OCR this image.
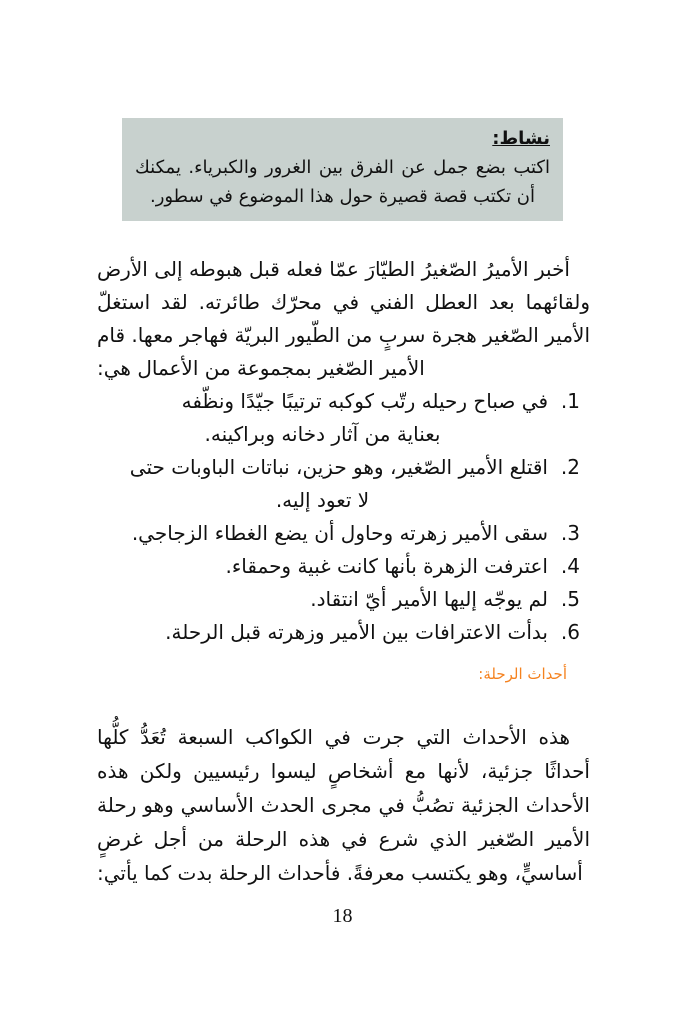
نشاط:
اكتب بضع جمل عن الفرق بين الغرور والكبرياء. يمكنك أن تكتب قصة قصيرة حول هذا الموضوع في سطور.

أخبر الأميرُ الصّغيرُ الطيّارَ عمّا فعله قبل هبوطه إلى الأرض ولقائهما بعد العطل الفني في محرّك طائرته. لقد استغلّ الأمير الصّغير هجرة سربٍ من الطّيور البريّة فهاجر معها. قام الأمير الصّغير بمجموعة من الأعمال هي:

1.
في صباح رحيله رتّب كوكبه ترتيبًا جيّدًا ونظّفه
بعناية من آثار دخانه وبراكينه.
2.
اقتلع الأمير الصّغير، وهو حزين، نباتات الباوبات حتى
لا تعود إليه.
3.
سقى الأمير زهرته وحاول أن يضع الغطاء الزجاجي.
4.
اعترفت الزهرة بأنها كانت غبية وحمقاء.
5.
لم يوجّه إليها الأمير أيّ انتقاد.
6.
بدأت الاعترافات بين الأمير وزهرته قبل الرحلة.
أحداث الرحلة:

هذه الأحداث التي جرت في الكواكب السبعة تُعَدُّ كلُّها أحداثًا جزئية، لأنها مع أشخاصٍ ليسوا رئيسيين ولكن هذه الأحداث الجزئية تصُبُّ في مجرى الحدث الأساسي وهو رحلة الأمير الصّغير الذي شرع في هذه الرحلة من أجل غرضٍ أساسيٍّ، وهو يكتسب معرفةً. فأحداث الرحلة بدت كما يأتي:

18
